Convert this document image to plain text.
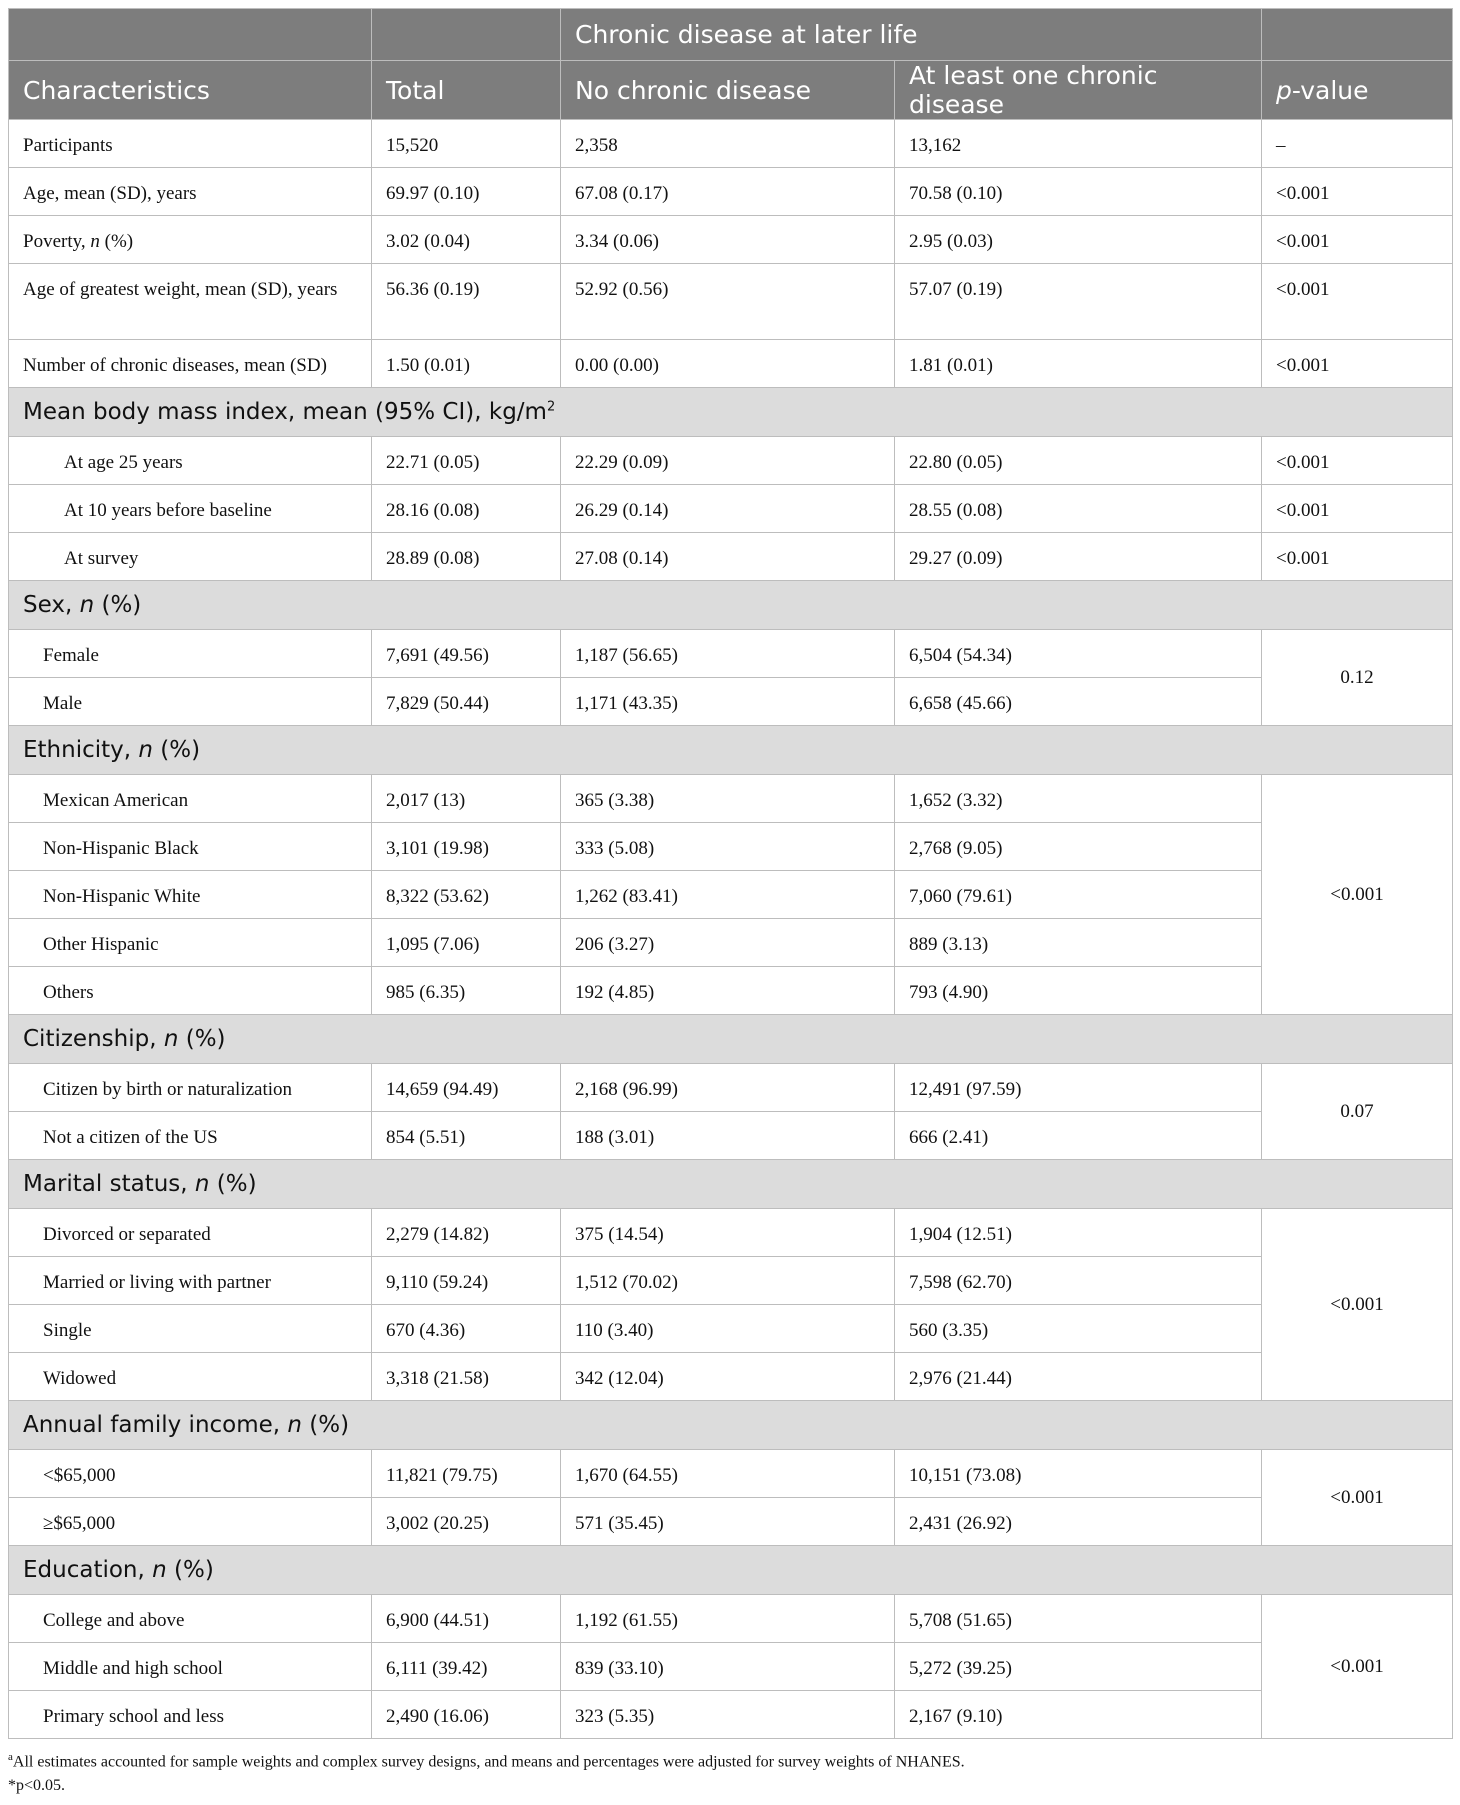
		Chronic disease at later life		
Characteristics	Total	No chronic disease	At least one chronic disease	p-value
Participants	15,520	2,358	13,162	–
Age, mean (SD), years	69.97 (0.10)	67.08 (0.17)	70.58 (0.10)	<0.001
Poverty, n (%)	3.02 (0.04)	3.34 (0.06)	2.95 (0.03)	<0.001
Age of greatest weight, mean (SD), years	56.36 (0.19)	52.92 (0.56)	57.07 (0.19)	<0.001
Number of chronic diseases, mean (SD)	1.50 (0.01)	0.00 (0.00)	1.81 (0.01)	<0.001
Mean body mass index, mean (95% CI), $kg/m^2$
At age 25 years	22.71 (0.05)	22.29 (0.09)	22.80 (0.05)	<0.001
At 10 years before baseline	28.16 (0.08)	26.29 (0.14)	28.55 (0.08)	<0.001
At survey	28.89 (0.08)	27.08 (0.14)	29.27 (0.09)	<0.001
Sex, n (%)				
Female	7,691 (49.56)	1,187 (56.65)	6,504 (54.34)	0.12
Male	7,829 (50.44)	1,171 (43.35)	6,658 (45.66)	
Ethnicity, n (%)				
Mexican American	2,017 (13)	365 (3.38)	1,652 (3.32)	<0.001
Non-Hispanic Black	3,101 (19.98)	333 (5.08)	2,768 (9.05)	
Non-Hispanic White	8,322 (53.62)	1,262 (83.41)	7,060 (79.61)	
Other Hispanic	1,095 (7.06)	206 (3.27)	889 (3.13)	
Others	985 (6.35)	192 (4.85)	793 (4.90)	
Citizenship, n (%)				
Citizen by birth or naturalization	14,659 (94.49)	2,168 (96.99)	12,491 (97.59)	0.07
Not a citizen of the US	854 (5.51)	188 (3.01)	666 (2.41)	
Marital status, n (%)				
Divorced or separated	2,279 (14.82)	375 (14.54)	1,904 (12.51)	<0.001
Married or living with partner	9,110 (59.24)	1,512 (70.02)	7,598 (62.70)	
Single	670 (4.36)	110 (3.40)	560 (3.35)	
Widowed	3,318 (21.58)	342 (12.04)	2,976 (21.44)	
Annual family income, n (%)				
<$65,000	11,821 (79.75)	1,670 (64.55)	10,151 (73.08)	<0.001
≥$65,000	3,002 (20.25)	571 (35.45)	2,431 (26.92)	
Education, n (%)				
College and above	6,900 (44.51)	1,192 (61.55)	5,708 (51.65)	<0.001
Middle and high school	6,111 (39.42)	839 (33.10)	5,272 (39.25)	
Primary school and less	2,490 (16.06)	323 (5.35)	2,167 (9.10)	
$^a$All estimates accounted for sample weights and complex survey designs, and means and percentages were adjusted for survey weights of NHANES.
*p<0.05.
